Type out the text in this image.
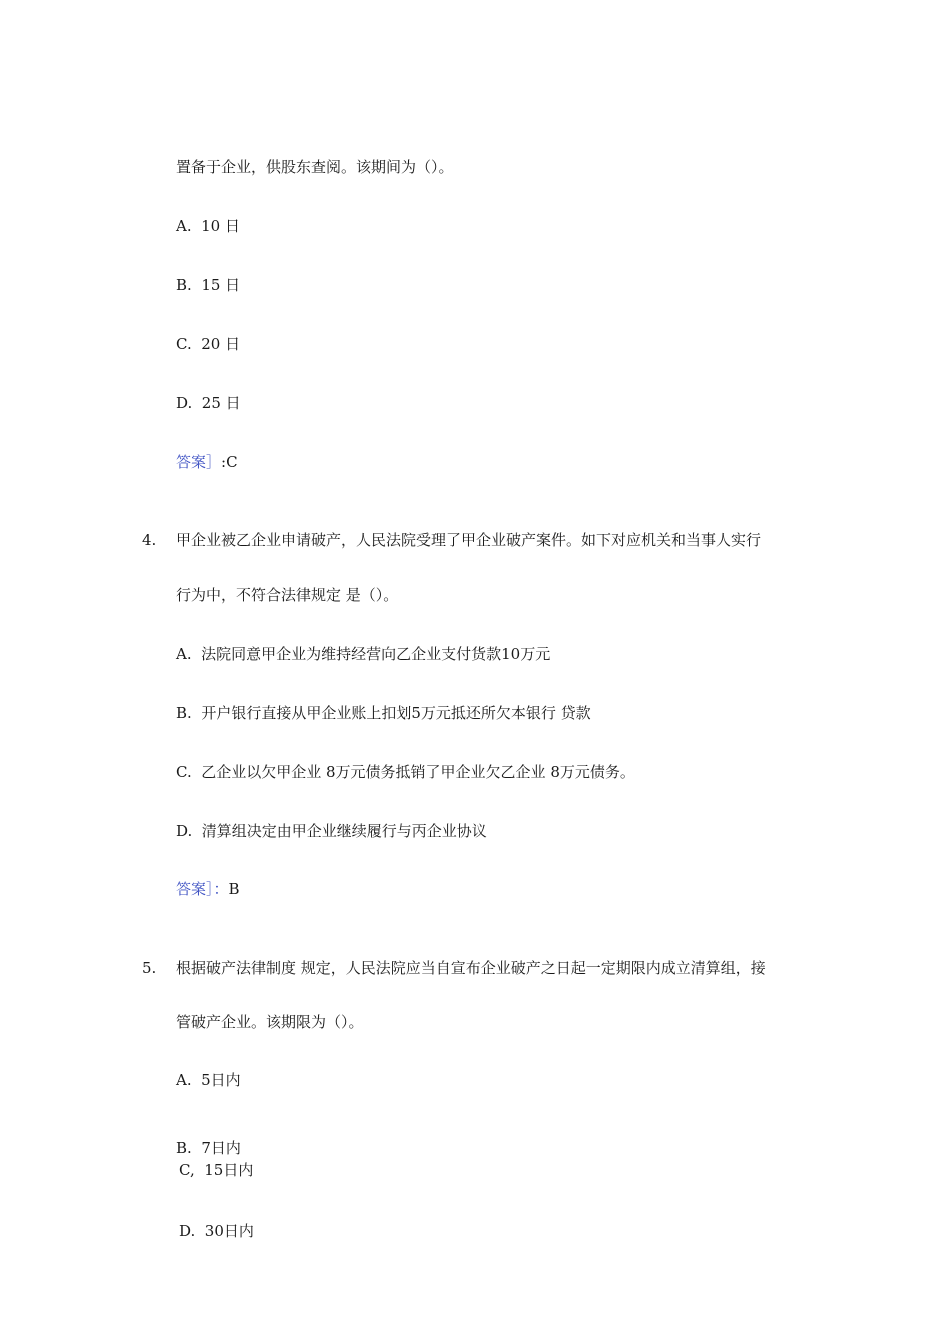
置备于企业，供股东查阅。该期间为（）。
A.  10 日
B.  15 日
C.  20 日
D.  25 日
答案］:C
4. 甲企业被乙企业申请破产，人民法院受理了甲企业破产案件。如下对应机关和当事人实行
行为中，不符合法律规定 是（）。
A.  法院同意甲企业为维持经营向乙企业支付货款10万元
B.  开户银行直接从甲企业账上扣划5万元抵还所欠本银行 贷款
C.  乙企业以欠甲企业 8万元债务抵销了甲企业欠乙企业 8万元债务。
D.  清算组决定由甲企业继续履行与丙企业协议
答案］：B
5. 根据破产法律制度 规定，人民法院应当自宣布企业破产之日起一定期限内成立清算组，接
管破产企业。该期限为（）。
A.  5日内
B.  7日内
C,  15日内
D.  30日内
